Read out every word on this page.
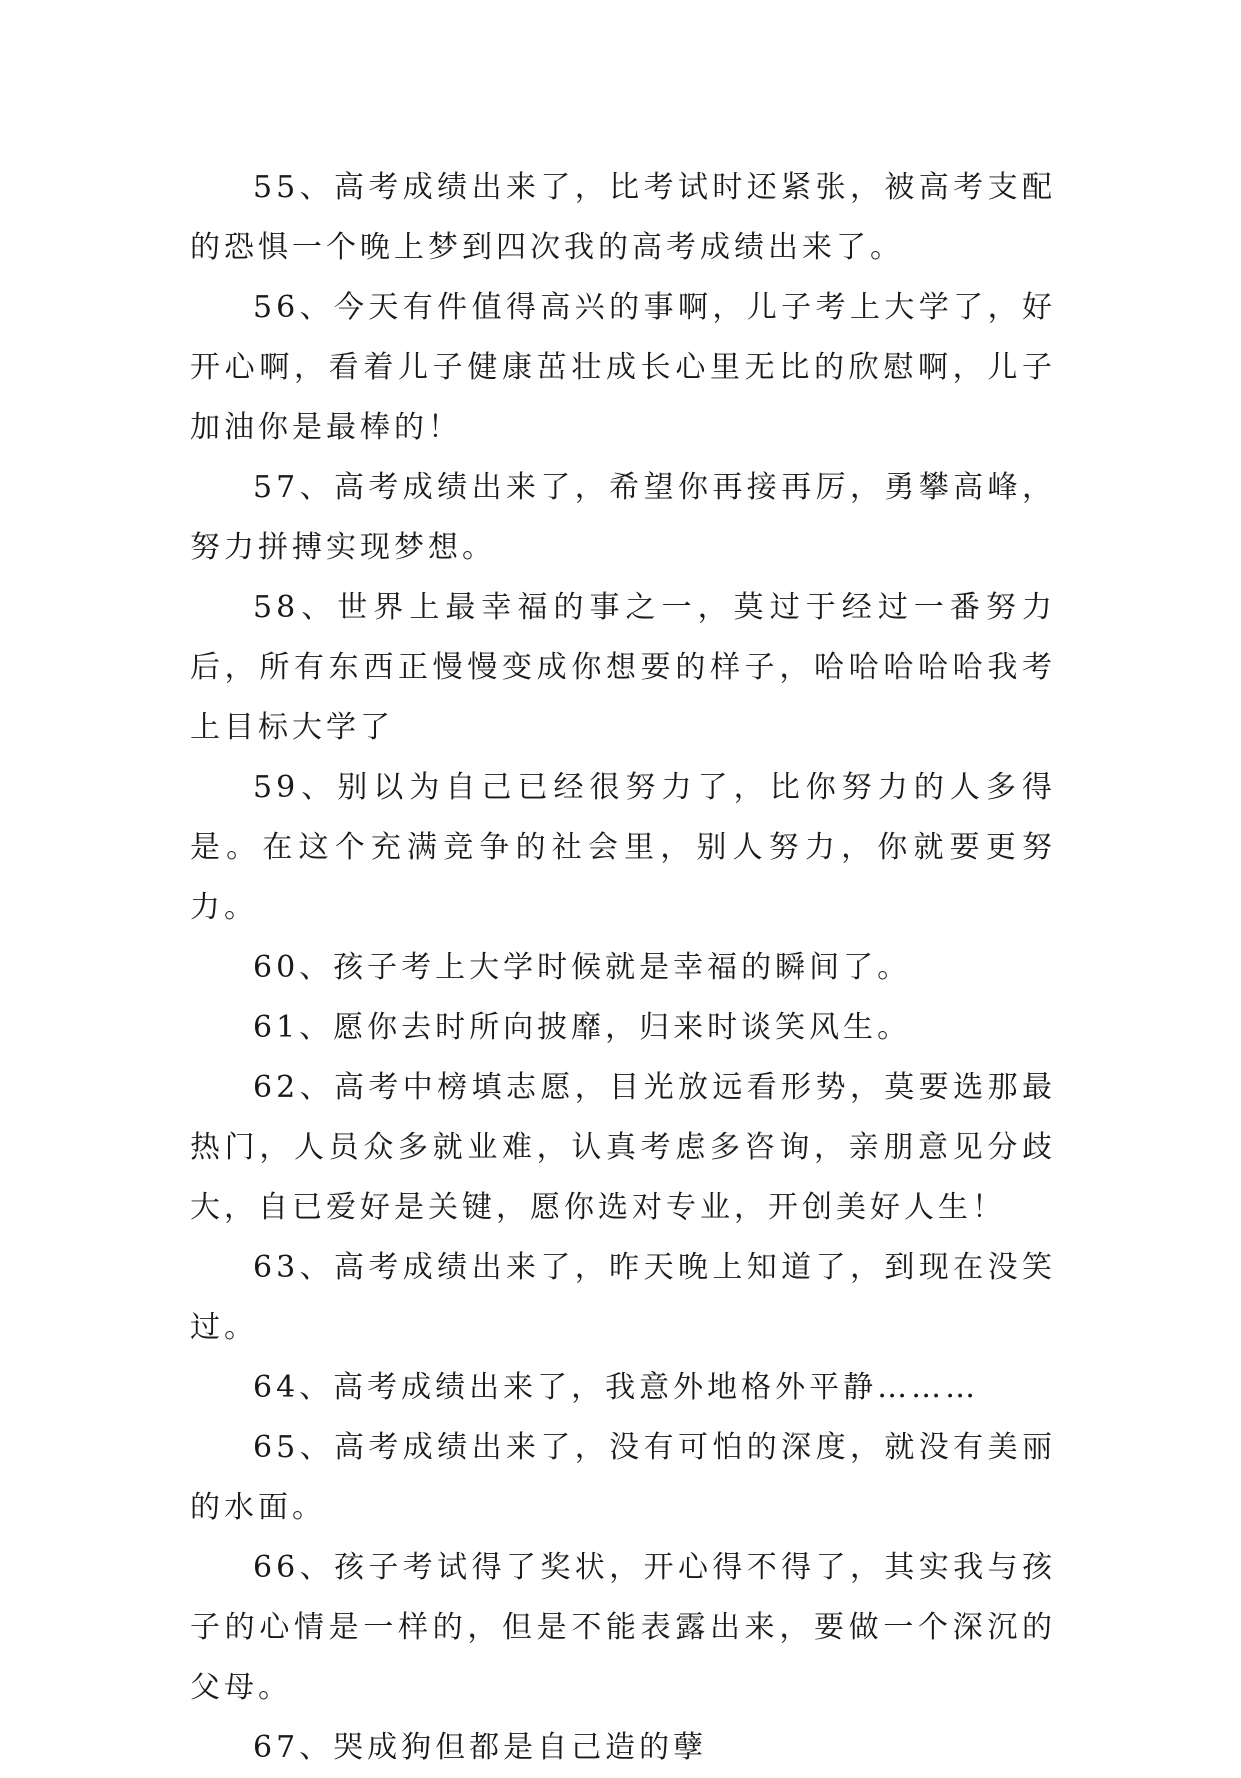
55、高考成绩出来了，比考试时还紧张，被高考支配的恐惧一个晚上梦到四次我的高考成绩出来了。

56、今天有件值得高兴的事啊，儿子考上大学了，好开心啊，看着儿子健康茁壮成长心里无比的欣慰啊，儿子加油你是最棒的！

57、高考成绩出来了，希望你再接再厉，勇攀高峰，努力拼搏实现梦想。

58、世界上最幸福的事之一，莫过于经过一番努力后，所有东西正慢慢变成你想要的样子，哈哈哈哈哈我考上目标大学了

59、别以为自己已经很努力了，比你努力的人多得是。在这个充满竞争的社会里，别人努力，你就要更努力。

60、孩子考上大学时候就是幸福的瞬间了。

61、愿你去时所向披靡，归来时谈笑风生。

62、高考中榜填志愿，目光放远看形势，莫要选那最热门，人员众多就业难，认真考虑多咨询，亲朋意见分歧大，自已爱好是关键，愿你选对专业，开创美好人生！

63、高考成绩出来了，昨天晚上知道了，到现在没笑过。

64、高考成绩出来了，我意外地格外平静………

65、高考成绩出来了，没有可怕的深度，就没有美丽的水面。

66、孩子考试得了奖状，开心得不得了，其实我与孩子的心情是一样的，但是不能表露出来，要做一个深沉的父母。

67、哭成狗但都是自己造的孽
